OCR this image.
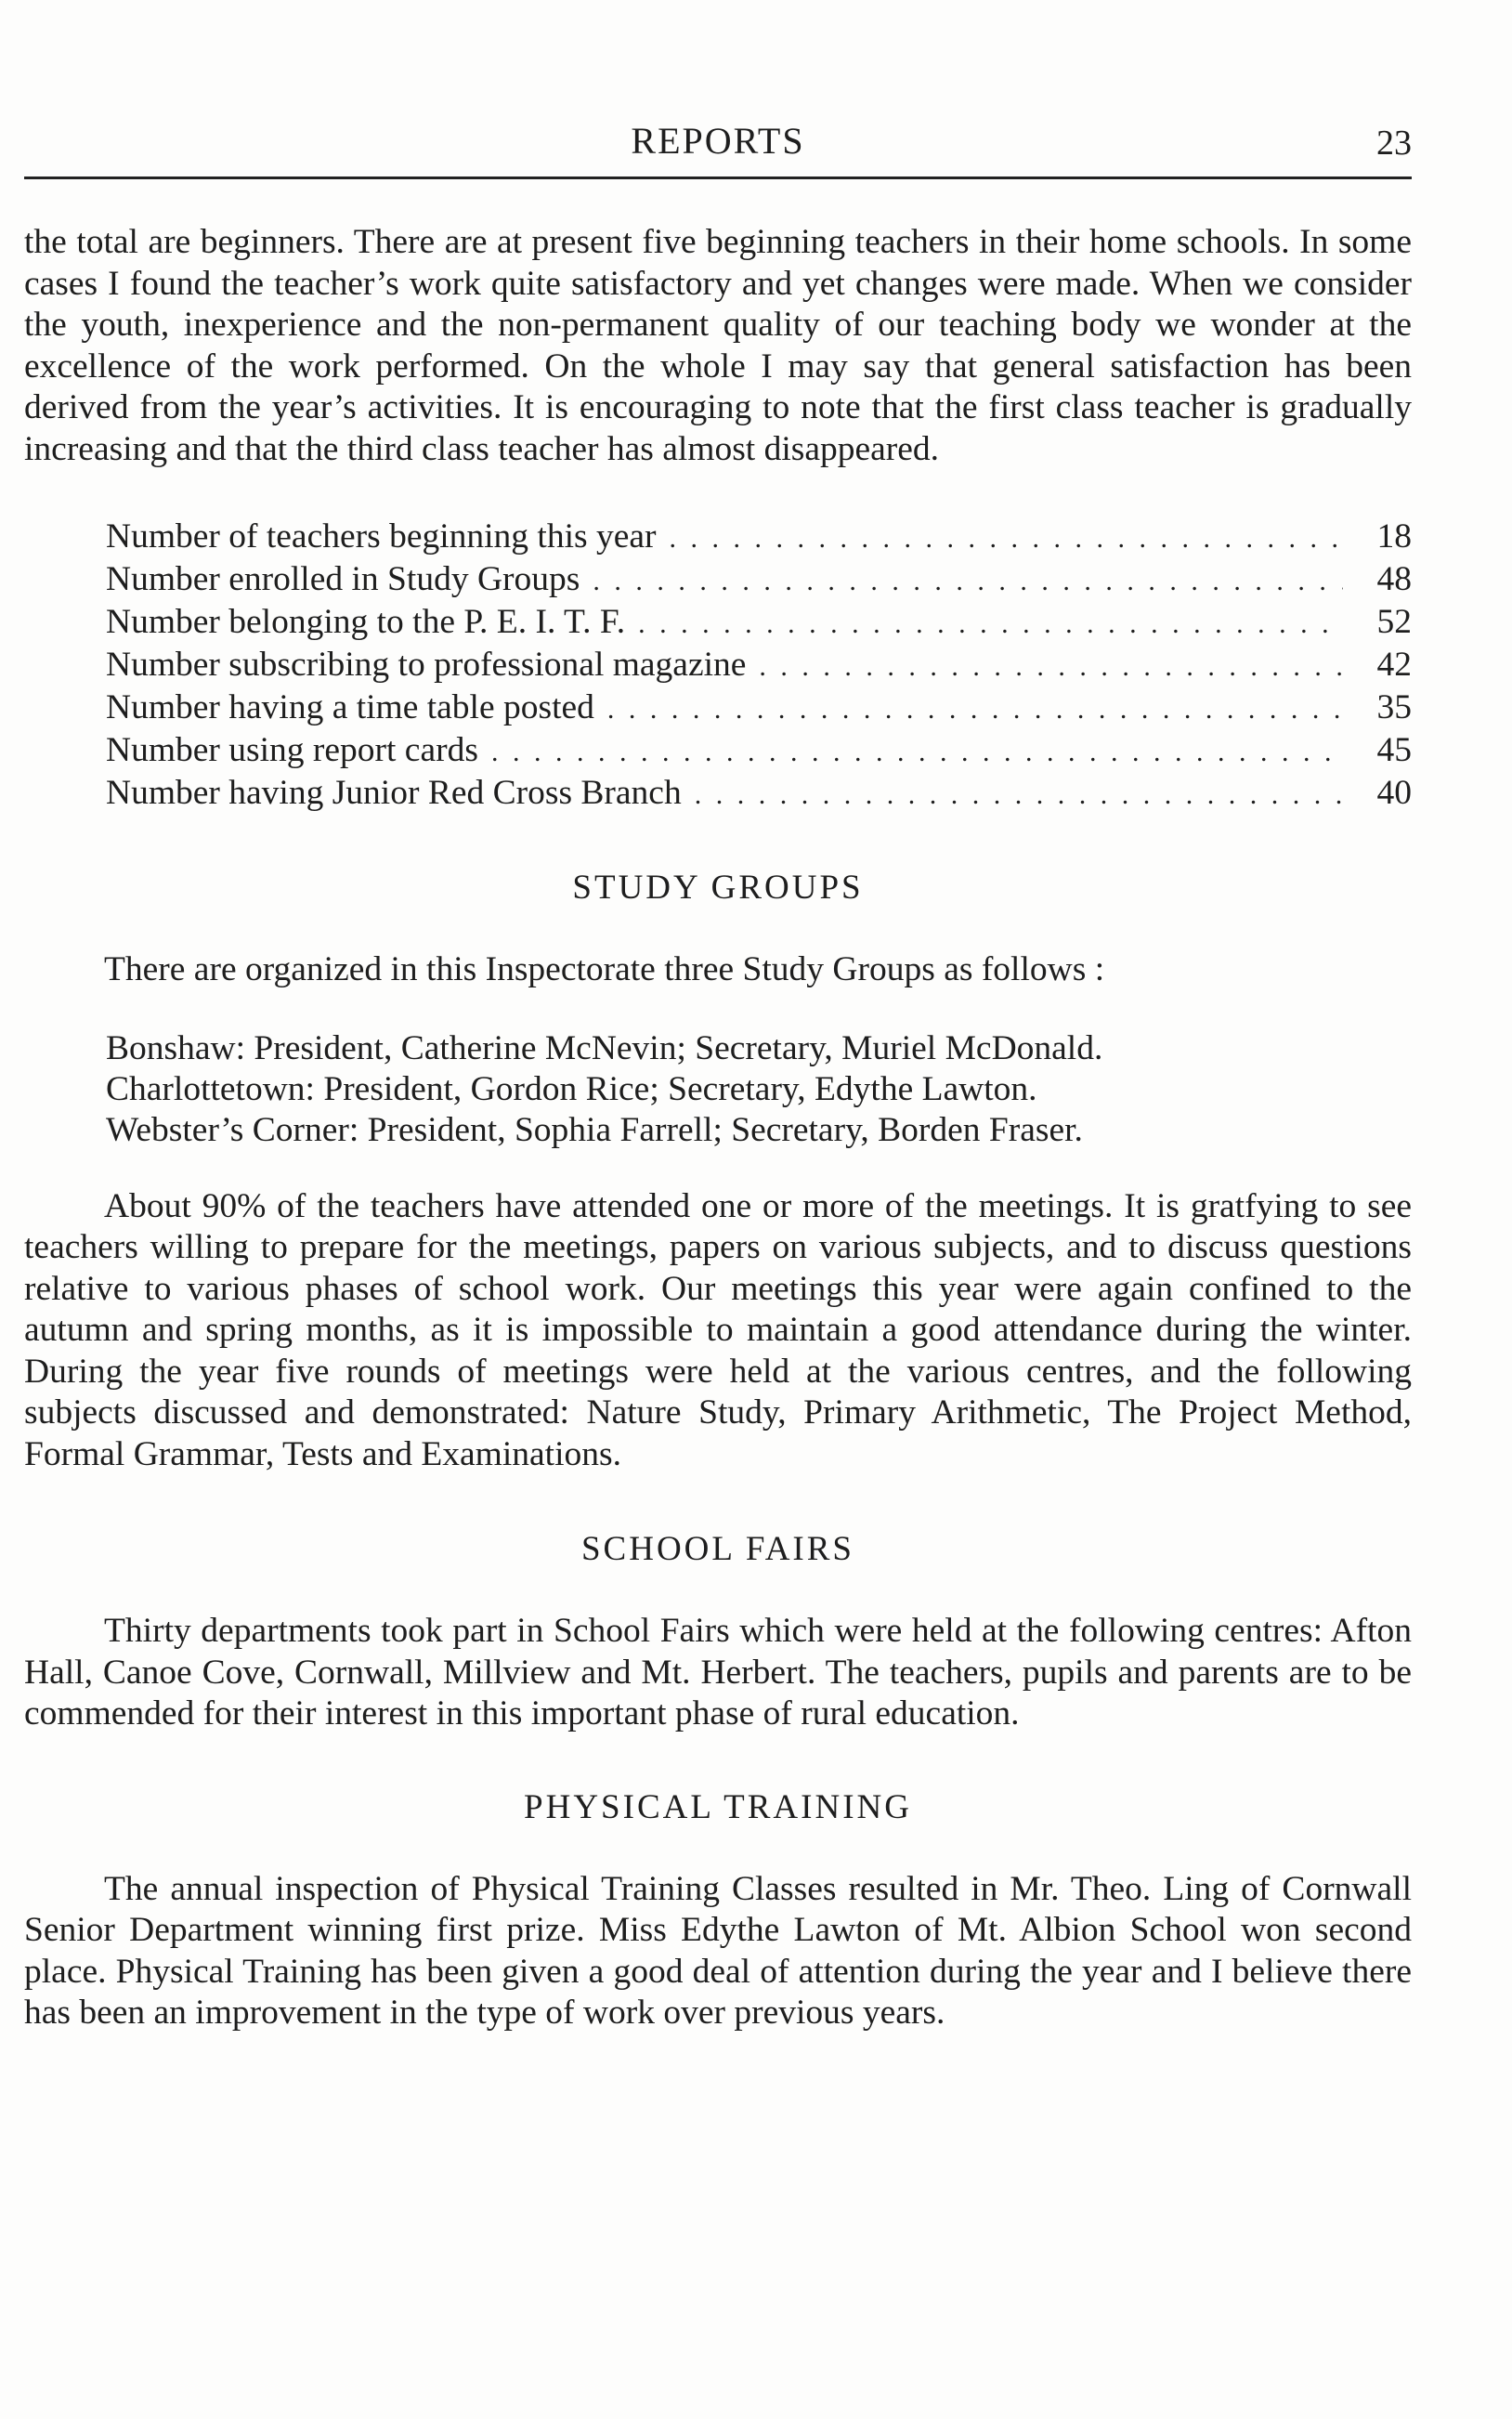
REPORTS	23

the total are beginners. There are at present five beginning teachers in their home schools. In some cases I found the teacher’s work quite satisfactory and yet changes were made. When we consider the youth, inexperience and the non-permanent quality of our teaching body we wonder at the excellence of the work performed. On the whole I may say that general satisfaction has been derived from the year’s activities. It is encouraging to note that the first class teacher is gradually increasing and that the third class teacher has almost disappeared.

Number of teachers beginning this year . . .	18
Number enrolled in Study Groups . . .	48
Number belonging to the P. E. I. T. F. . . .	52
Number subscribing to professional magazine . . .	42
Number having a time table posted . . .	35
Number using report cards . . .	45
Number having Junior Red Cross Branch . . .	40
STUDY GROUPS

There are organized in this Inspectorate three Study Groups as follows :

Bonshaw: President, Catherine McNevin; Secretary, Muriel McDonald.
Charlottetown: President, Gordon Rice; Secretary, Edythe Lawton.
Webster’s Corner: President, Sophia Farrell; Secretary, Borden Fraser.

About 90% of the teachers have attended one or more of the meetings. It is gratfying to see teachers willing to prepare for the meetings, papers on various subjects, and to discuss questions relative to various phases of school work. Our meetings this year were again confined to the autumn and spring months, as it is impossible to maintain a good attendance during the winter. During the year five rounds of meetings were held at the various centres, and the following subjects discussed and demonstrated: Nature Study, Primary Arithmetic, The Project Method, Formal Grammar, Tests and Examinations.

SCHOOL FAIRS

Thirty departments took part in School Fairs which were held at the following centres: Afton Hall, Canoe Cove, Cornwall, Millview and Mt. Herbert. The teachers, pupils and parents are to be commended for their interest in this important phase of rural education.

PHYSICAL TRAINING

The annual inspection of Physical Training Classes resulted in Mr. Theo. Ling of Cornwall Senior Department winning first prize. Miss Edythe Lawton of Mt. Albion School won second place. Physical Training has been given a good deal of attention during the year and I believe there has been an improvement in the type of work over previous years.
